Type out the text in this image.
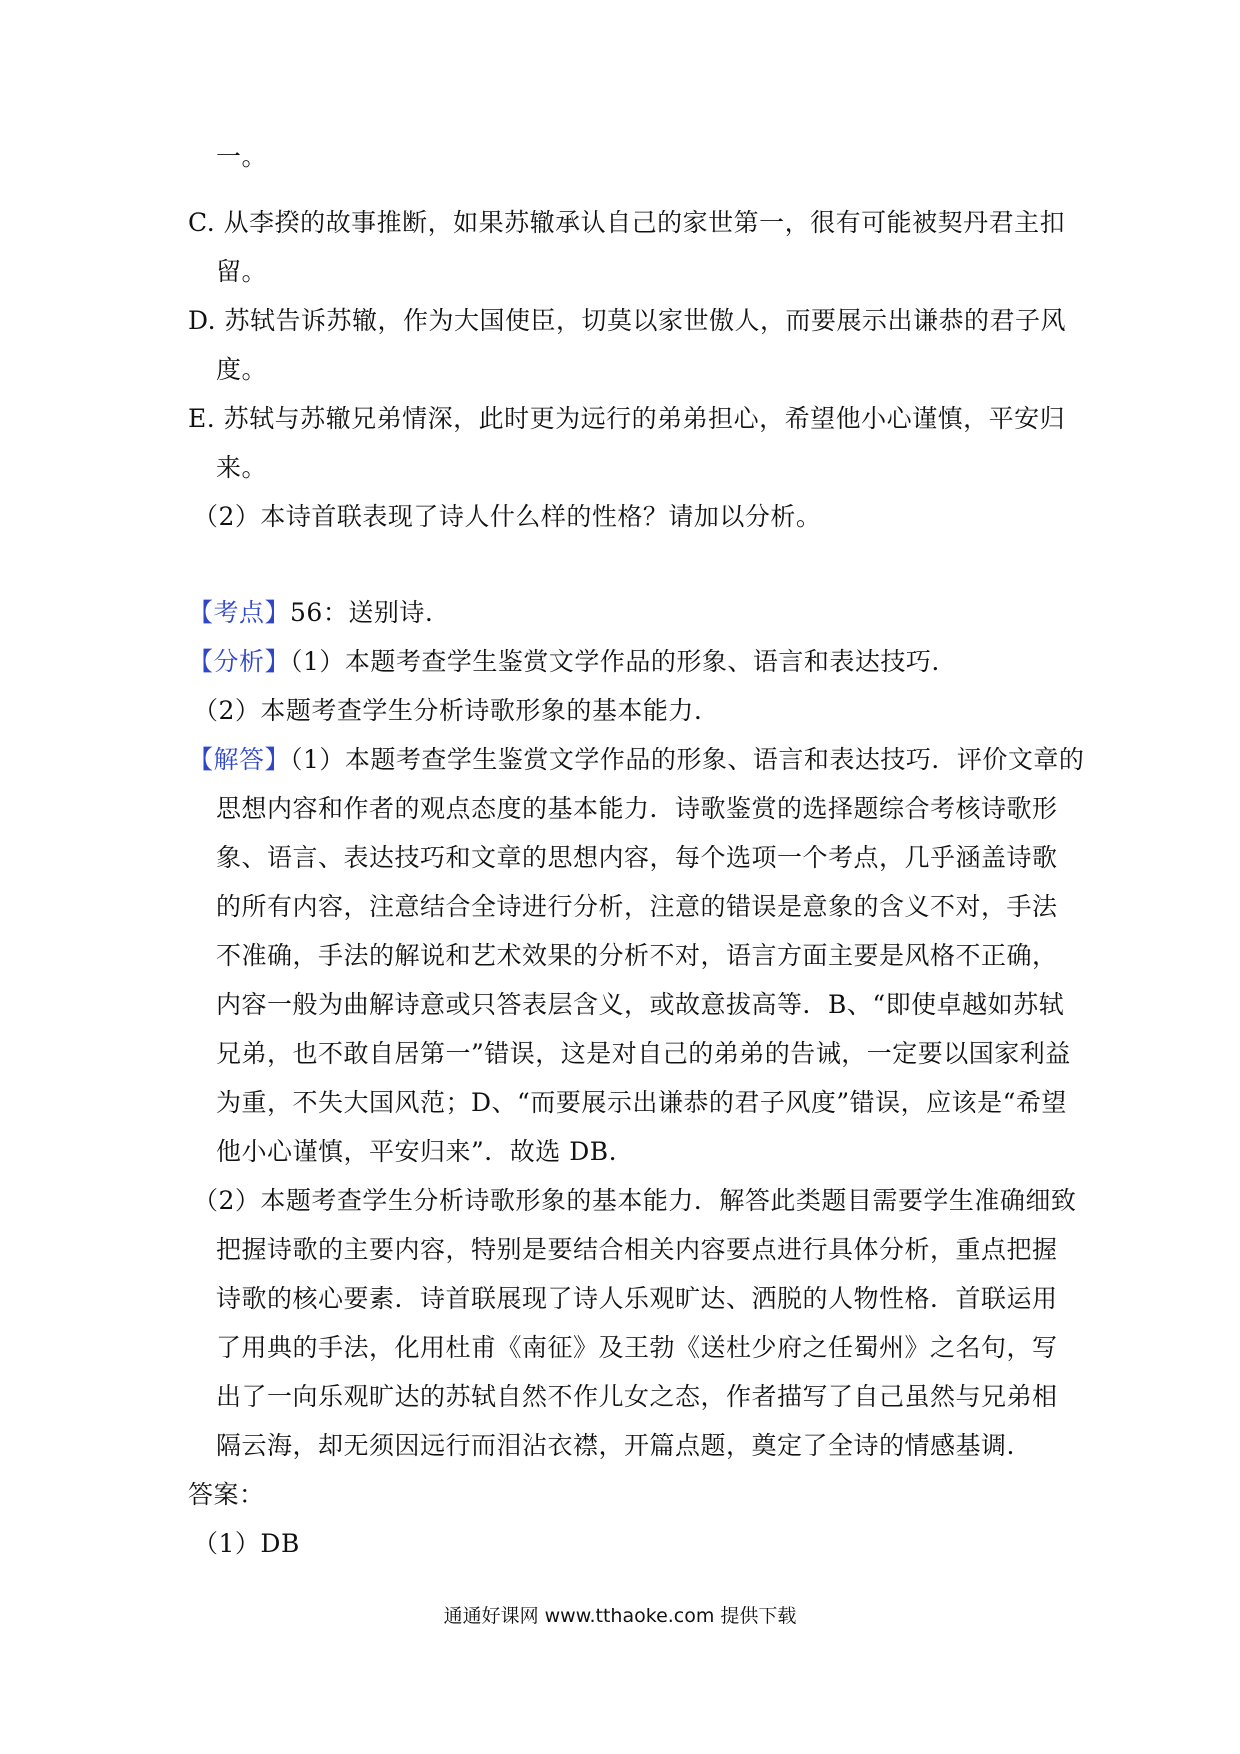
一。
C. 从李揆的故事推断，如果苏辙承认自己的家世第一，很有可能被契丹君主扣
留。
D. 苏轼告诉苏辙，作为大国使臣，切莫以家世傲人，而要展示出谦恭的君子风
度。
E. 苏轼与苏辙兄弟情深，此时更为远行的弟弟担心，希望他小心谨慎，平安归
来。
（2）本诗首联表现了诗人什么样的性格？请加以分析。
【考点】56：送别诗.
【分析】（1）本题考查学生鉴赏文学作品的形象、语言和表达技巧.
（2）本题考查学生分析诗歌形象的基本能力.
【解答】（1）本题考查学生鉴赏文学作品的形象、语言和表达技巧．评价文章的
思想内容和作者的观点态度的基本能力．诗歌鉴赏的选择题综合考核诗歌形
象、语言、表达技巧和文章的思想内容，每个选项一个考点，几乎涵盖诗歌
的所有内容，注意结合全诗进行分析，注意的错误是意象的含义不对，手法
不准确，手法的解说和艺术效果的分析不对，语言方面主要是风格不正确，
内容一般为曲解诗意或只答表层含义，或故意拔高等．B、“即使卓越如苏轼
兄弟，也不敢自居第一”错误，这是对自己的弟弟的告诫，一定要以国家利益
为重，不失大国风范；D、“而要展示出谦恭的君子风度”错误，应该是“希望
他小心谨慎，平安归来”．故选 DB.
（2）本题考查学生分析诗歌形象的基本能力．解答此类题目需要学生准确细致
把握诗歌的主要内容，特别是要结合相关内容要点进行具体分析，重点把握
诗歌的核心要素．诗首联展现了诗人乐观旷达、洒脱的人物性格．首联运用
了用典的手法，化用杜甫《南征》及王勃《送杜少府之任蜀州》之名句，写
出了一向乐观旷达的苏轼自然不作儿女之态，作者描写了自己虽然与兄弟相
隔云海，却无须因远行而泪沾衣襟，开篇点题，奠定了全诗的情感基调.
答案：
（1）DB
通通好课网 www.tthaoke.com 提供下载
